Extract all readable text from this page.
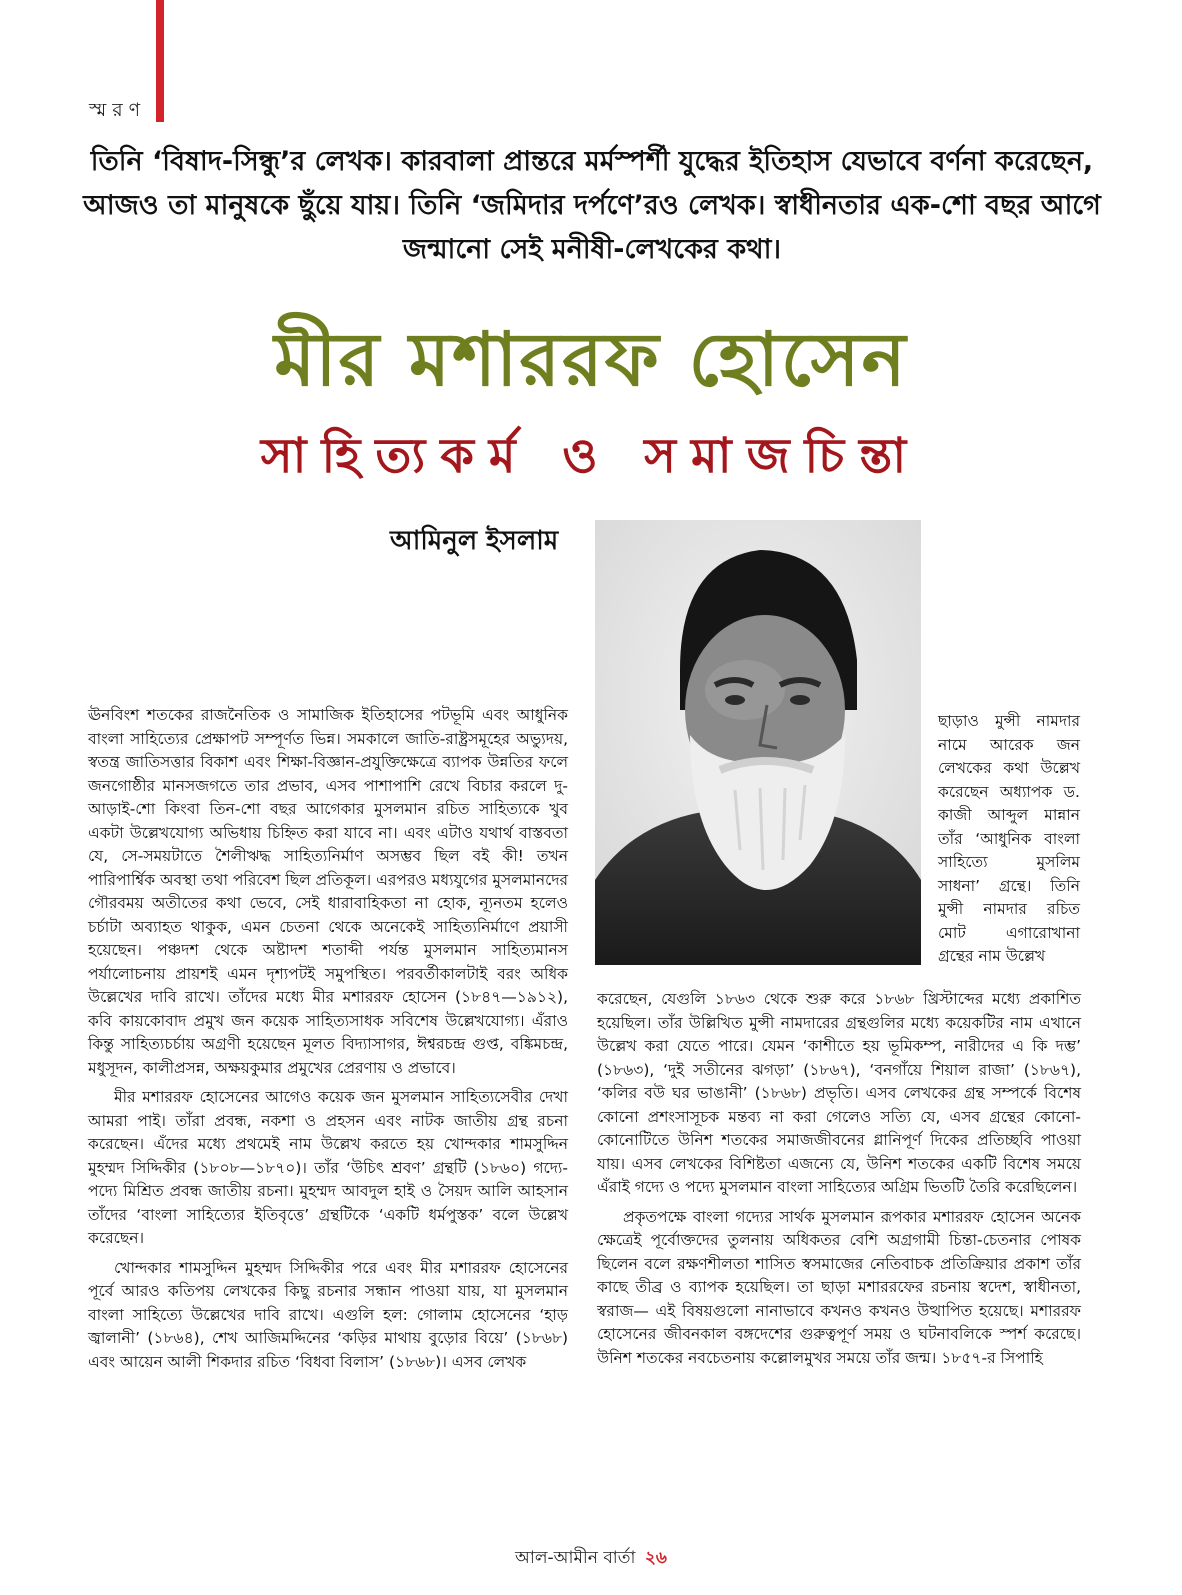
স্মরণ
তিনি ‘বিষাদ-সিন্ধু’র লেখক। কারবালা প্রান্তরে মর্মস্পর্শী যুদ্ধের ইতিহাস যেভাবে বর্ণনা করেছেন, আজও তা মানুষকে ছুঁয়ে যায়। তিনি ‘জমিদার দর্পণে’রও লেখক। স্বাধীনতার এক-শো বছর আগে জন্মানো সেই মনীষী-লেখকের কথা।
মীর মশাররফ হোসেন
সাহিত্যকর্ম ও সমাজচিন্তা
আমিনুল ইসলাম

ঊনবিংশ শতকের রাজনৈতিক ও সামাজিক ইতিহাসের পটভূমি এবং আধুনিক বাংলা সাহিত্যের প্রেক্ষাপট সম্পূর্ণত ভিন্ন। সমকালে জাতি-রাষ্ট্রসমূহের অভ্যুদয়, স্বতন্ত্র জাতিসত্তার বিকাশ এবং শিক্ষা-বিজ্ঞান-প্রযুক্তিক্ষেত্রে ব্যাপক উন্নতির ফলে জনগোষ্ঠীর মানসজগতে তার প্রভাব, এসব পাশাপাশি রেখে বিচার করলে দু-আড়াই-শো কিংবা তিন-শো বছর আগেকার মুসলমান রচিত সাহিত্যকে খুব একটা উল্লেখযোগ্য অভিধায় চিহ্নিত করা যাবে না। এবং এটাও যথার্থ বাস্তবতা যে, সে-সময়টাতে শৈলীঋদ্ধ সাহিত্যনির্মাণ অসম্ভব ছিল বই কী! তখন পারিপার্শ্বিক অবস্থা তথা পরিবেশ ছিল প্রতিকূল। এরপরও মধ্যযুগের মুসলমানদের গৌরবময় অতীতের কথা ভেবে, সেই ধারাবাহিকতা না হোক, ন্যূনতম হলেও চর্চাটা অব্যাহত থাকুক, এমন চেতনা থেকে অনেকেই সাহিত্যনির্মাণে প্রয়াসী হয়েছেন। পঞ্চদশ থেকে অষ্টাদশ শতাব্দী পর্যন্ত মুসলমান সাহিত্যমানস পর্যালোচনায় প্রায়শই এমন দৃশ্যপটই সমুপস্থিত। পরবর্তীকালটাই বরং অধিক উল্লেখের দাবি রাখে। তাঁদের মধ্যে মীর মশাররফ হোসেন (১৮৪৭—১৯১২), কবি কায়কোবাদ প্রমুখ জন কয়েক সাহিত্যসাধক সবিশেষ উল্লেখযোগ্য। এঁরাও কিন্তু সাহিত্যচর্চায় অগ্রণী হয়েছেন মূলত বিদ্যাসাগর, ঈশ্বরচন্দ্র গুপ্ত, বঙ্কিমচন্দ্র, মধুসূদন, কালীপ্রসন্ন, অক্ষয়কুমার প্রমুখের প্রেরণায় ও প্রভাবে।

মীর মশাররফ হোসেনের আগেও কয়েক জন মুসলমান সাহিত্যসেবীর দেখা আমরা পাই। তাঁরা প্রবন্ধ, নকশা ও প্রহসন এবং নাটক জাতীয় গ্রন্থ রচনা করেছেন। এঁদের মধ্যে প্রথমেই নাম উল্লেখ করতে হয় খোন্দকার শামসুদ্দিন মুহম্মদ সিদ্দিকীর (১৮০৮—১৮৭০)। তাঁর ‘উচিৎ শ্রবণ’ গ্রন্থটি (১৮৬০) গদ্যে-পদ্যে মিশ্রিত প্রবন্ধ জাতীয় রচনা। মুহম্মদ আবদুল হাই ও সৈয়দ আলি আহসান তাঁদের ‘বাংলা সাহিত্যের ইতিবৃত্তে’ গ্রন্থটিকে ‘একটি ধর্মপুস্তক’ বলে উল্লেখ করেছেন।

খোন্দকার শামসুদ্দিন মুহম্মদ সিদ্দিকীর পরে এবং মীর মশাররফ হোসেনের পূর্বে আরও কতিপয় লেখকের কিছু রচনার সন্ধান পাওয়া যায়, যা মুসলমান বাংলা সাহিত্যে উল্লেখের দাবি রাখে। এগুলি হল: গোলাম হোসেনের ‘হাড় জ্বালানী’ (১৮৬৪), শেখ আজিমদ্দিনের ‘কড়ির মাথায় বুড়োর বিয়ে’ (১৮৬৮) এবং আয়েন আলী শিকদার রচিত ‘বিধবা বিলাস’ (১৮৬৮)। এসব লেখক

ছাড়াও মুন্সী নামদার নামে আরেক জন লেখকের কথা উল্লেখ করেছেন অধ্যাপক ড. কাজী আব্দুল মান্নান তাঁর ‘আধুনিক বাংলা সাহিত্যে মুসলিম সাধনা’ গ্রন্থে। তিনি মুন্সী নামদার রচিত মোট এগারোখানা গ্রন্থের নাম উল্লেখ

করেছেন, যেগুলি ১৮৬৩ থেকে শুরু করে ১৮৬৮ খ্রিস্টাব্দের মধ্যে প্রকাশিত হয়েছিল। তাঁর উল্লিখিত মুন্সী নামদারের গ্রন্থগুলির মধ্যে কয়েকটির নাম এখানে উল্লেখ করা যেতে পারে। যেমন ‘কাশীতে হয় ভূমিকম্প, নারীদের এ কি দম্ভ’ (১৮৬৩), ‘দুই সতীনের ঝগড়া’ (১৮৬৭), ‘বনগাঁয়ে শিয়াল রাজা’ (১৮৬৭), ‘কলির বউ ঘর ভাঙানী’ (১৮৬৮) প্রভৃতি। এসব লেখকের গ্রন্থ সম্পর্কে বিশেষ কোনো প্রশংসাসূচক মন্তব্য না করা গেলেও সত্যি যে, এসব গ্রন্থের কোনো-কোনোটিতে উনিশ শতকের সমাজজীবনের গ্লানিপূর্ণ দিকের প্রতিচ্ছবি পাওয়া যায়। এসব লেখকের বিশিষ্টতা এজন্যে যে, উনিশ শতকের একটি বিশেষ সময়ে এঁরাই গদ্যে ও পদ্যে মুসলমান বাংলা সাহিত্যের অগ্রিম ভিতটি তৈরি করেছিলেন।

প্রকৃতপক্ষে বাংলা গদ্যের সার্থক মুসলমান রূপকার মশাররফ হোসেন অনেক ক্ষেত্রেই পূর্বোক্তদের তুলনায় অধিকতর বেশি অগ্রগামী চিন্তা-চেতনার পোষক ছিলেন বলে রক্ষণশীলতা শাসিত স্বসমাজের নেতিবাচক প্রতিক্রিয়ার প্রকাশ তাঁর কাছে তীব্র ও ব্যাপক হয়েছিল। তা ছাড়া মশাররফের রচনায় স্বদেশ, স্বাধীনতা, স্বরাজ— এই বিষয়গুলো নানাভাবে কখনও কখনও উত্থাপিত হয়েছে। মশাররফ হোসেনের জীবনকাল বঙ্গদেশের গুরুত্বপূর্ণ সময় ও ঘটনাবলিকে স্পর্শ করেছে। উনিশ শতকের নবচেতনায় কল্লোলমুখর সময়ে তাঁর জন্ম। ১৮৫৭-র সিপাহি

আল-আমীন বার্তা ২৬
